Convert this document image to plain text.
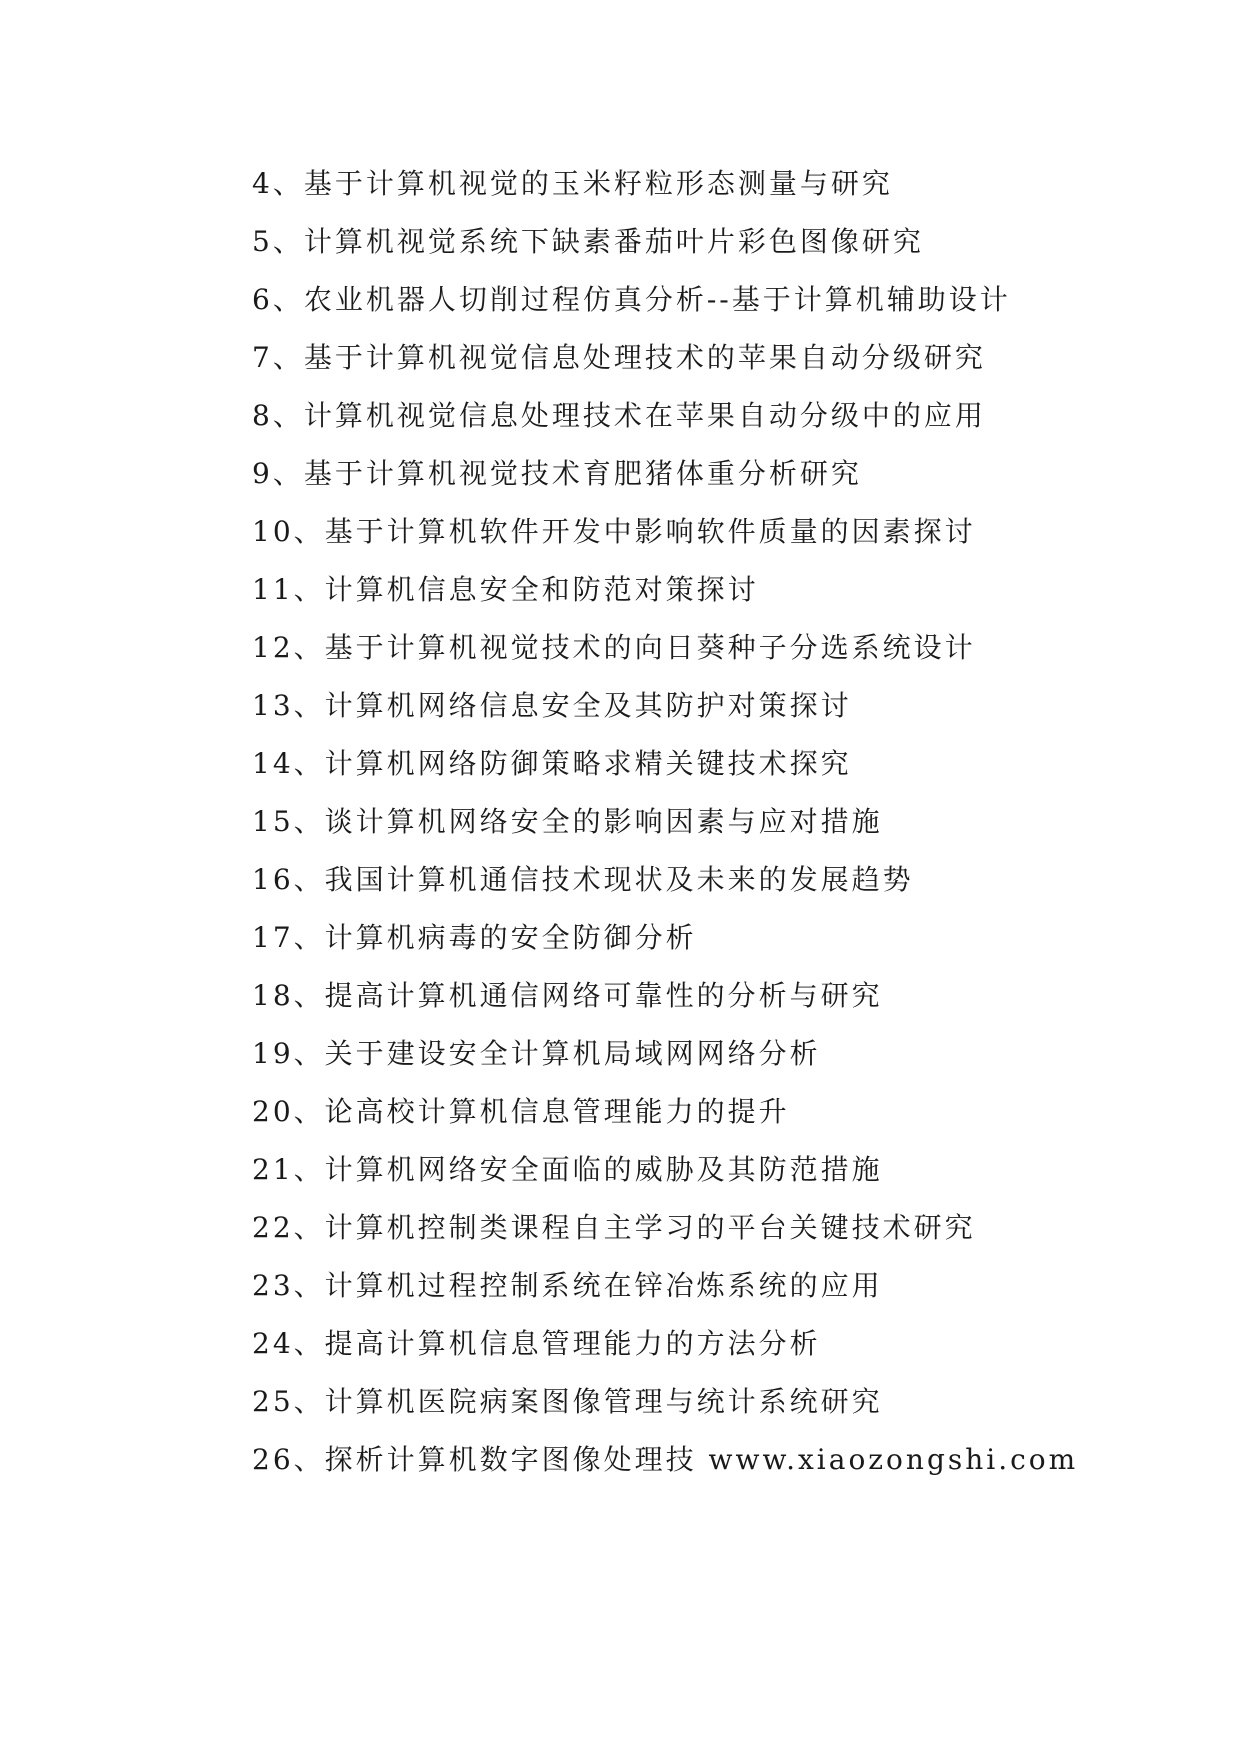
4、基于计算机视觉的玉米籽粒形态测量与研究
5、计算机视觉系统下缺素番茄叶片彩色图像研究
6、农业机器人切削过程仿真分析--基于计算机辅助设计
7、基于计算机视觉信息处理技术的苹果自动分级研究
8、计算机视觉信息处理技术在苹果自动分级中的应用
9、基于计算机视觉技术育肥猪体重分析研究
10、基于计算机软件开发中影响软件质量的因素探讨
11、计算机信息安全和防范对策探讨
12、基于计算机视觉技术的向日葵种子分选系统设计
13、计算机网络信息安全及其防护对策探讨
14、计算机网络防御策略求精关键技术探究
15、谈计算机网络安全的影响因素与应对措施
16、我国计算机通信技术现状及未来的发展趋势
17、计算机病毒的安全防御分析
18、提高计算机通信网络可靠性的分析与研究
19、关于建设安全计算机局域网网络分析
20、论高校计算机信息管理能力的提升
21、计算机网络安全面临的威胁及其防范措施
22、计算机控制类课程自主学习的平台关键技术研究
23、计算机过程控制系统在锌冶炼系统的应用
24、提高计算机信息管理能力的方法分析
25、计算机医院病案图像管理与统计系统研究
26、探析计算机数字图像处理技 www.xiaozongshi.com
